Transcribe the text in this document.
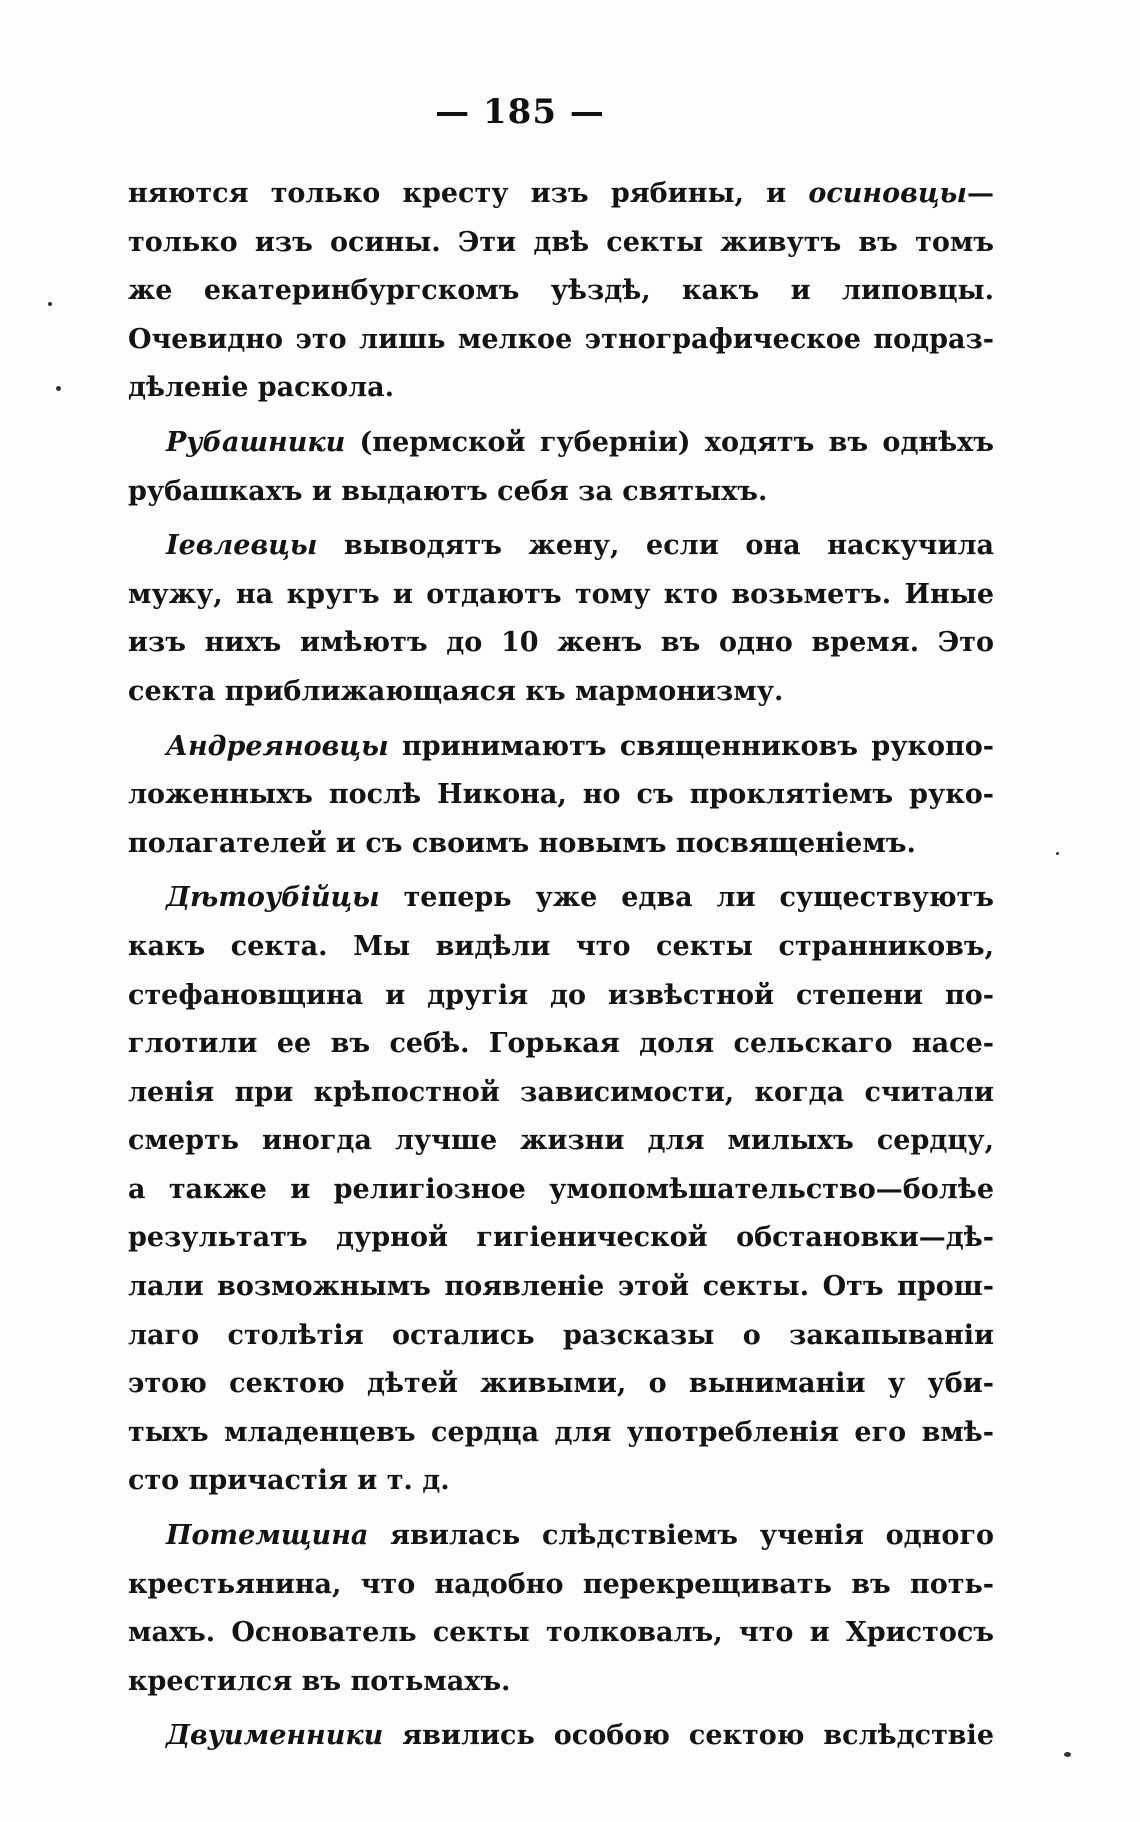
— 185 —
няются только кресту изъ рябины, и осиновцы—
только изъ осины. Эти двѣ секты живутъ въ томъ
же екатеринбургскомъ уѣздѣ, какъ и липовцы.
Очевидно это лишь мелкое этнографическое подраз-
дѣленіе раскола.
Рубашники (пермской губерніи) ходятъ въ однѣхъ
рубашкахъ и выдаютъ себя за святыхъ.
Іевлевцы выводятъ жену, если она наскучила
мужу, на кругъ и отдаютъ тому кто возьметъ. Иные
изъ нихъ имѣютъ до 10 женъ въ одно время. Это
секта приближающаяся къ мармонизму.
Андреяновцы принимаютъ священниковъ рукопо-
ложенныхъ послѣ Никона, но съ проклятіемъ руко-
полагателей и съ своимъ новымъ посвященіемъ.
Дѣтоубійцы теперь уже едва ли существуютъ
какъ секта. Мы видѣли что секты странниковъ,
стефановщина и другія до извѣстной степени по-
глотили ее въ себѣ. Горькая доля сельскаго насе-
ленія при крѣпостной зависимости, когда считали
смерть иногда лучше жизни для милыхъ сердцу,
а также и религіозное умопомѣшательство—болѣе
результатъ дурной гигіенической обстановки—дѣ-
лали возможнымъ появленіе этой секты. Отъ прош-
лаго столѣтія остались разсказы о закапываніи
этою сектою дѣтей живыми, о выниманіи у уби-
тыхъ младенцевъ сердца для употребленія его вмѣ-
сто причастія и т. д.
Потемщина явилась слѣдствіемъ ученія одного
крестьянина, что надобно перекрещивать въ поть-
махъ. Основатель секты толковалъ, что и Христосъ
крестился въ потьмахъ.
Двуименники явились особою сектою вслѣдствіе
